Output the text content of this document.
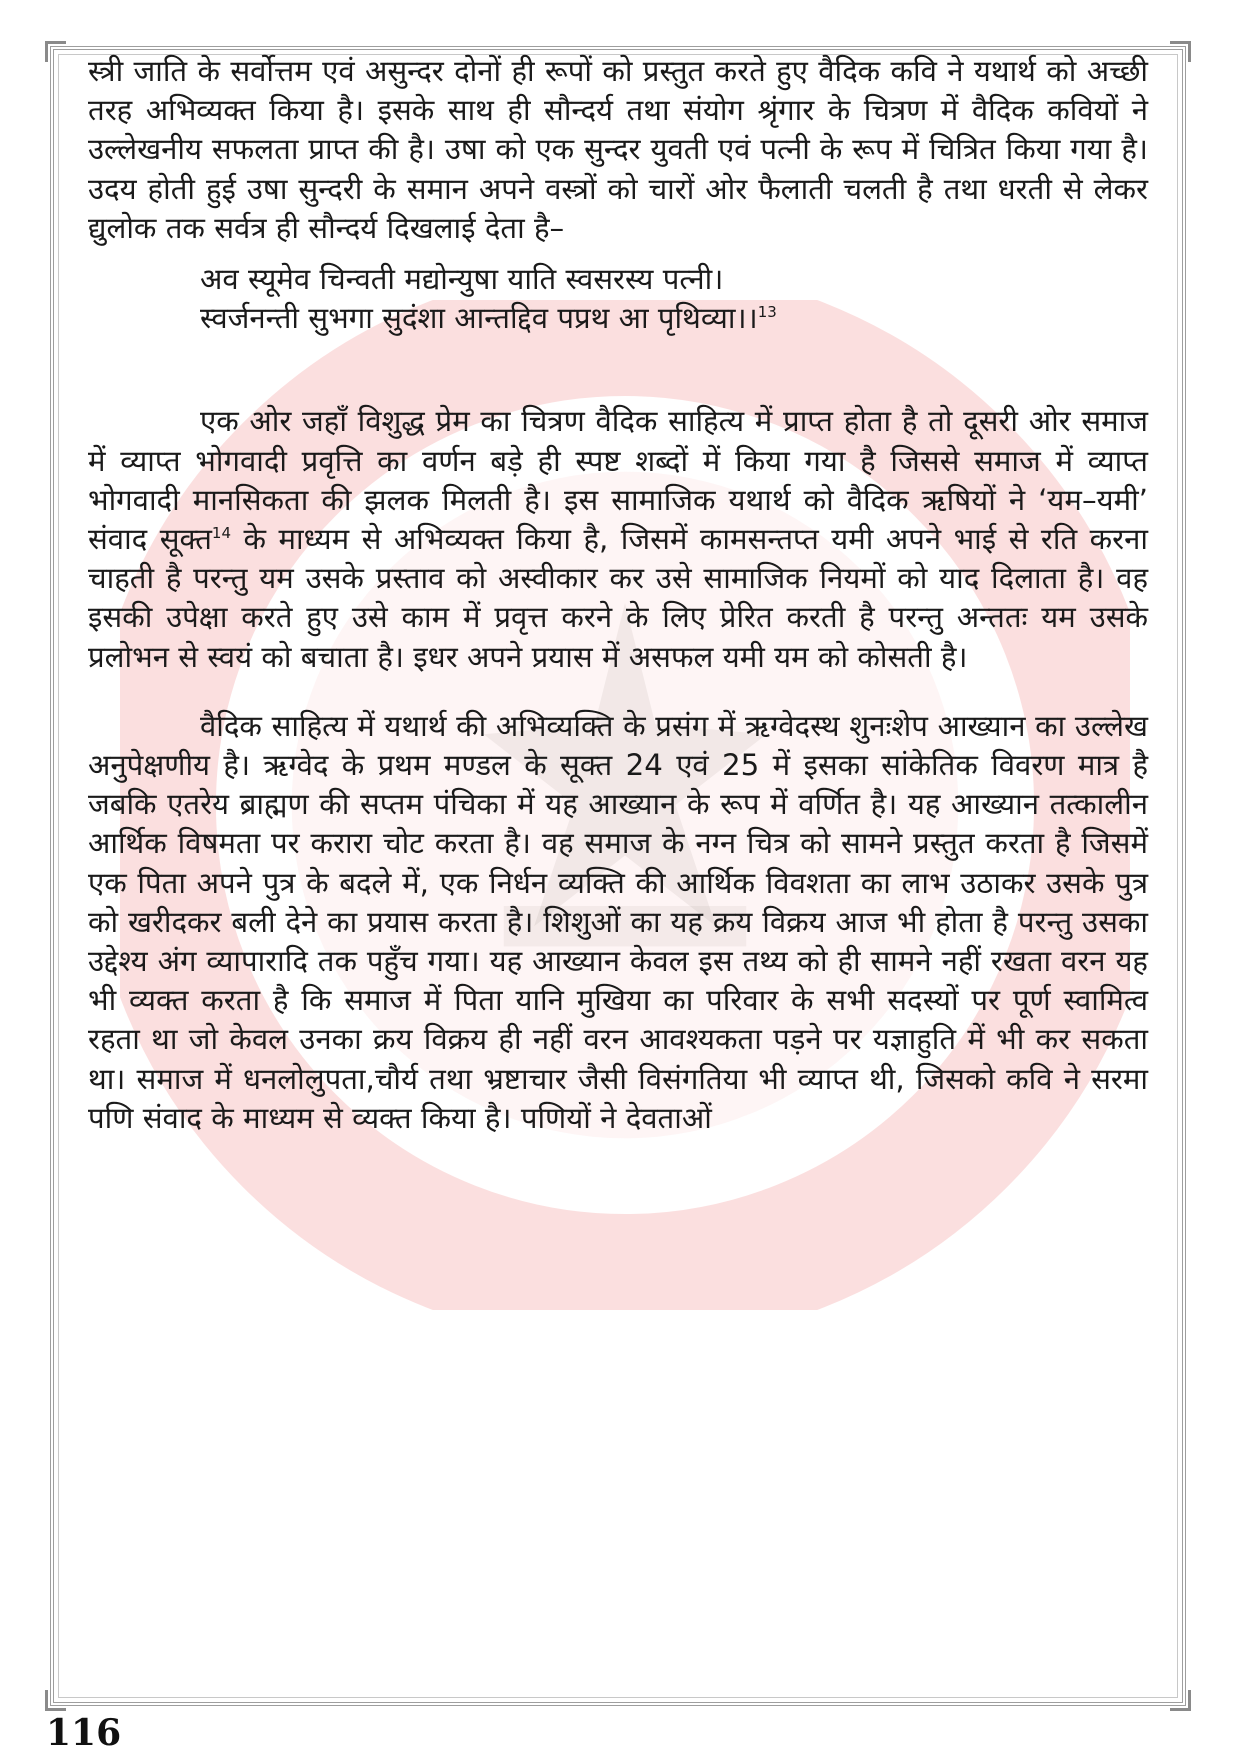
स्त्री जाति के सर्वोत्तम एवं असुन्दर दोनों ही रूपों को प्रस्तुत करते हुए वैदिक कवि ने यथार्थ को अच्छी तरह अभिव्यक्त किया है। इसके साथ ही सौन्दर्य तथा संयोग श्रृंगार के चित्रण में वैदिक कवियों ने उल्लेखनीय सफलता प्राप्त की है। उषा को एक सुन्दर युवती एवं पत्नी के रूप में चित्रित किया गया है। उदय होती हुई उषा सुन्दरी के समान अपने वस्त्रों को चारों ओर फैलाती चलती है तथा धरती से लेकर द्युलोक तक सर्वत्र ही सौन्दर्य दिखलाई देता है–

अव स्यूमेव चिन्वती मद्योन्युषा याति स्वसरस्य पत्नी।
स्वर्जनन्ती सुभगा सुदंशा आन्तद्दिव पप्रथ आ पृथिव्या।।$^{13}$

एक ओर जहाँ विशुद्ध प्रेम का चित्रण वैदिक साहित्य में प्राप्त होता है तो दूसरी ओर समाज में व्याप्त भोगवादी प्रवृत्ति का वर्णन बड़े ही स्पष्ट शब्दों में किया गया है जिससे समाज में व्याप्त भोगवादी मानसिकता की झलक मिलती है। इस सामाजिक यथार्थ को वैदिक ऋषियों ने ‘यम–यमी’ संवाद सूक्त$^{14}$ के माध्यम से अभिव्यक्त किया है, जिसमें कामसन्तप्त यमी अपने भाई से रति करना चाहती है परन्तु यम उसके प्रस्ताव को अस्वीकार कर उसे सामाजिक नियमों को याद दिलाता है। वह इसकी उपेक्षा करते हुए उसे काम में प्रवृत्त करने के लिए प्रेरित करती है परन्तु अन्ततः यम उसके प्रलोभन से स्वयं को बचाता है। इधर अपने प्रयास में असफल यमी यम को कोसती है।

वैदिक साहित्य में यथार्थ की अभिव्यक्ति के प्रसंग में ऋग्वेदस्थ शुनःशेप आख्यान का उल्लेख अनुपेक्षणीय है। ऋग्वेद के प्रथम मण्डल के सूक्त 24 एवं 25 में इसका सांकेतिक विवरण मात्र है जबकि एतरेय ब्राह्मण की सप्तम पंचिका में यह आख्यान के रूप में वर्णित है। यह आख्यान तत्कालीन आर्थिक विषमता पर करारा चोट करता है। वह समाज के नग्न चित्र को सामने प्रस्तुत करता है जिसमें एक पिता अपने पुत्र के बदले में, एक निर्धन व्यक्ति की आर्थिक विवशता का लाभ उठाकर उसके पुत्र को खरीदकर बली देने का प्रयास करता है। शिशुओं का यह क्रय विक्रय आज भी होता है परन्तु उसका उद्देश्य अंग व्यापारादि तक पहुँच गया। यह आख्यान केवल इस तथ्य को ही सामने नहीं रखता वरन यह भी व्यक्त करता है कि समाज में पिता यानि मुखिया का परिवार के सभी सदस्यों पर पूर्ण स्वामित्व रहता था जो केवल उनका क्रय विक्रय ही नहीं वरन आवश्यकता पड़ने पर यज्ञाहुति में भी कर सकता था। समाज में धनलोलुपता,चौर्य तथा भ्रष्टाचार जैसी विसंगतिया भी व्याप्त थी, जिसको कवि ने सरमा पणि संवाद के माध्यम से व्यक्त किया है। पणियों ने देवताओं

116
